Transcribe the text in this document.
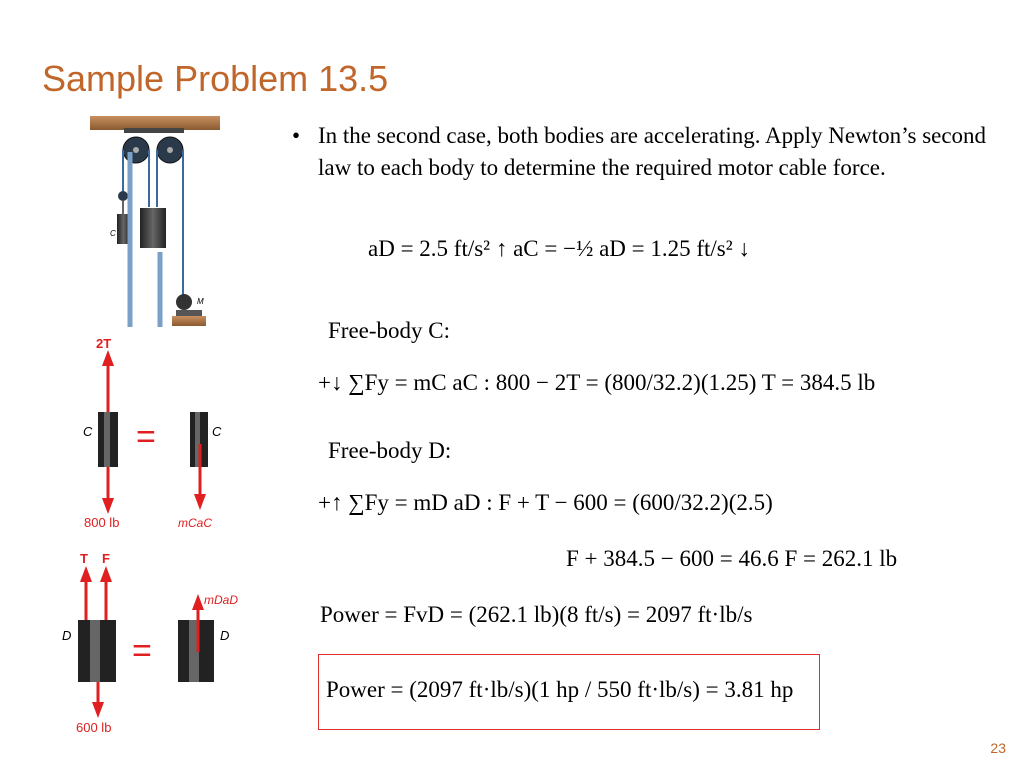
Sample Problem 13.5
C
M
2T
C
800 lb
=	C
mCaC
T F
D
600 lb
=	D
mDaD
• In the second case, both bodies are accelerating. Apply Newton’s second law to each body to determine the required motor cable force.
aD = 2.5 ft/s² ↑ aC = −½ aD = 1.25 ft/s² ↓
Free-body C:
+↓ ∑Fy = mC aC : 800 − 2T = (800/32.2)(1.25) T = 384.5 lb
Free-body D:
+↑ ∑Fy = mD aD : F + T − 600 = (600/32.2)(2.5)
F + 384.5 − 600 = 46.6 F = 262.1 lb
Power = FvD = (262.1 lb)(8 ft/s) = 2097 ft·lb/s
Power = (2097 ft·lb/s)(1 hp / 550 ft·lb/s) = 3.81 hp
23
